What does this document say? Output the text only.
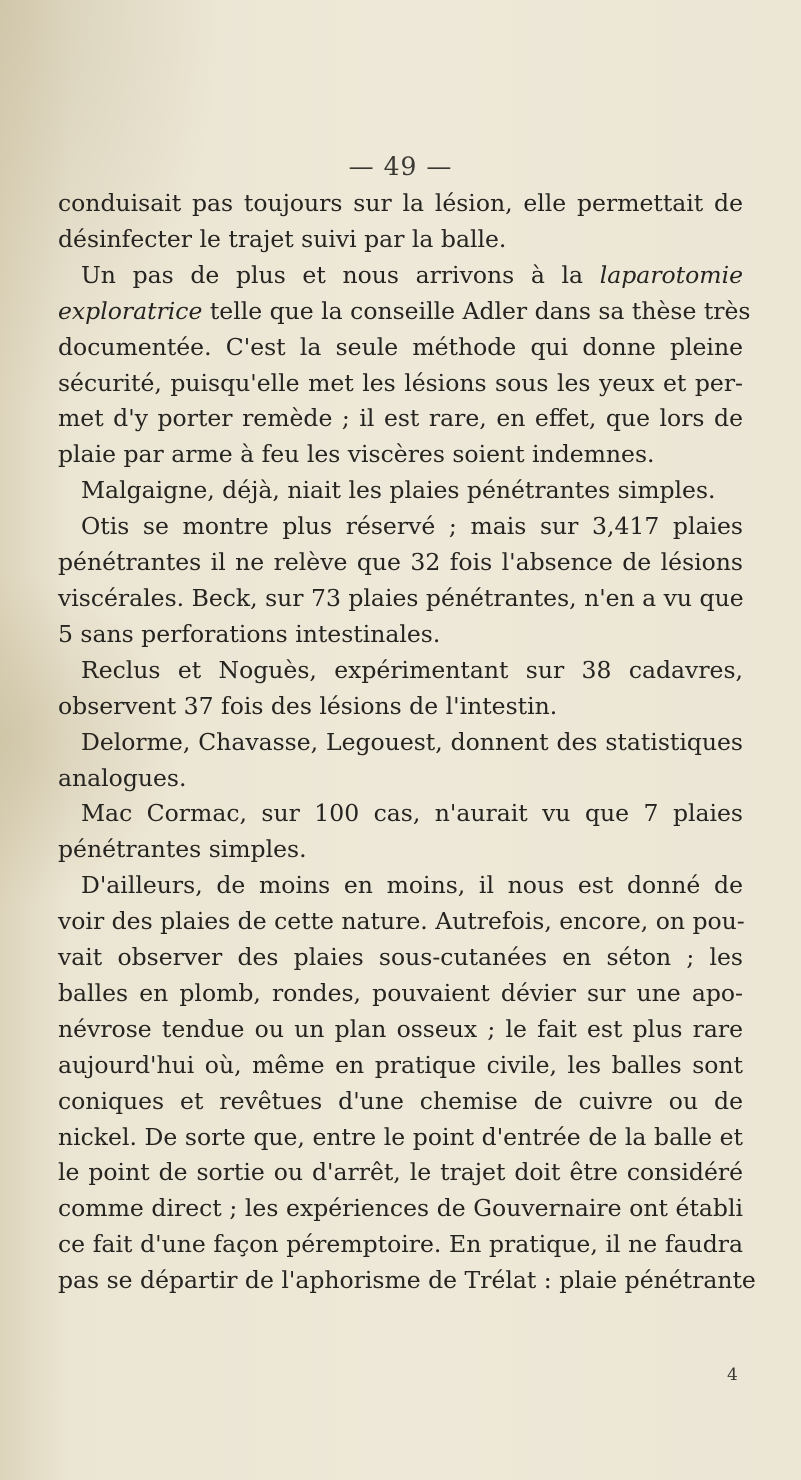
— 49 —
conduisait pas toujours sur la lésion, elle permettait de
désinfecter le trajet suivi par la balle.
Un pas de plus et nous arrivons à la laparotomie
exploratrice telle que la conseille Adler dans sa thèse très
documentée. C'est la seule méthode qui donne pleine
sécurité, puisqu'elle met les lésions sous les yeux et per-
met d'y porter remède ; il est rare, en effet, que lors de
plaie par arme à feu les viscères soient indemnes.
Malgaigne, déjà, niait les plaies pénétrantes simples.
Otis se montre plus réservé ; mais sur 3,417 plaies
pénétrantes il ne relève que 32 fois l'absence de lésions
viscérales. Beck, sur 73 plaies pénétrantes, n'en a vu que
5 sans perforations intestinales.
Reclus et Noguès, expérimentant sur 38 cadavres,
observent 37 fois des lésions de l'intestin.
Delorme, Chavasse, Legouest, donnent des statistiques
analogues.
Mac Cormac, sur 100 cas, n'aurait vu que 7 plaies
pénétrantes simples.
D'ailleurs, de moins en moins, il nous est donné de
voir des plaies de cette nature. Autrefois, encore, on pou-
vait observer des plaies sous-cutanées en séton ; les
balles en plomb, rondes, pouvaient dévier sur une apo-
névrose tendue ou un plan osseux ; le fait est plus rare
aujourd'hui où, même en pratique civile, les balles sont
coniques et revêtues d'une chemise de cuivre ou de
nickel. De sorte que, entre le point d'entrée de la balle et
le point de sortie ou d'arrêt, le trajet doit être considéré
comme direct ; les expériences de Gouvernaire ont établi
ce fait d'une façon péremptoire. En pratique, il ne faudra
pas se départir de l'aphorisme de Trélat : plaie pénétrante
4
